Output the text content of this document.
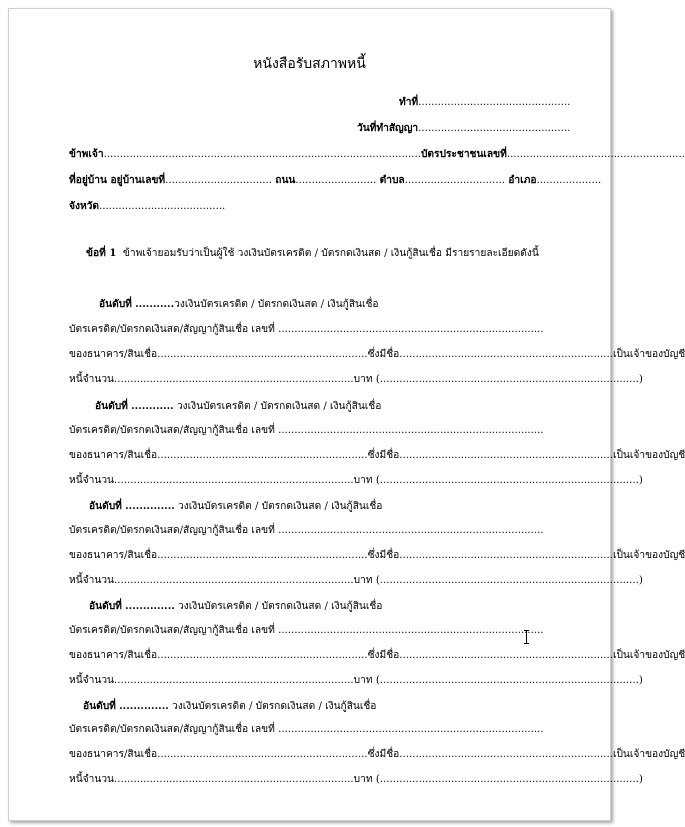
หนังสือรับสภาพหนี้
ทำที่...............................................
วันที่ทำสัญญา...............................................
ข้าพเจ้า..................................................................................................บัตรประชาชนเลขที่.......................................................
ที่อยู่บ้าน อยู่บ้านเลขที่................................. ถนน......................... ตำบล............................... อำเภอ....................
จังหวัด.......................................
ข้อที่ 1 ข้าพเจ้ายอมรับว่าเป็นผู้ใช้ วงเงินบัตรเครดิต / บัตรกดเงินสด / เงินกู้สินเชื่อ มีรายรายละเอียดดังนี้
อันดับที่ ...........วงเงินบัตรเครดิต / บัตรกดเงินสด / เงินกู้สินเชื่อ
บัตรเครดิต/บัตรกดเงินสด/สัญญากู้สินเชื่อ เลขที่ ..................................................................................
ของธนาคาร/สินเชื่อ.................................................................ซึ่งมีชื่อ..................................................................เป็นเจ้าของบัญชี
หนี้จำนวน..........................................................................บาท (................................................................................)
อันดับที่ ............ วงเงินบัตรเครดิต / บัตรกดเงินสด / เงินกู้สินเชื่อ
บัตรเครดิต/บัตรกดเงินสด/สัญญากู้สินเชื่อ เลขที่ ..................................................................................
ของธนาคาร/สินเชื่อ.................................................................ซึ่งมีชื่อ..................................................................เป็นเจ้าของบัญชี
หนี้จำนวน..........................................................................บาท (................................................................................)
อันดับที่ .............. วงเงินบัตรเครดิต / บัตรกดเงินสด / เงินกู้สินเชื่อ
บัตรเครดิต/บัตรกดเงินสด/สัญญากู้สินเชื่อ เลขที่ ..................................................................................
ของธนาคาร/สินเชื่อ.................................................................ซึ่งมีชื่อ..................................................................เป็นเจ้าของบัญชี
หนี้จำนวน..........................................................................บาท (................................................................................)
อันดับที่ .............. วงเงินบัตรเครดิต / บัตรกดเงินสด / เงินกู้สินเชื่อ
บัตรเครดิต/บัตรกดเงินสด/สัญญากู้สินเชื่อ เลขที่ ..................................................................................
ของธนาคาร/สินเชื่อ.................................................................ซึ่งมีชื่อ..................................................................เป็นเจ้าของบัญชี
หนี้จำนวน..........................................................................บาท (................................................................................)
อันดับที่ .............. วงเงินบัตรเครดิต / บัตรกดเงินสด / เงินกู้สินเชื่อ
บัตรเครดิต/บัตรกดเงินสด/สัญญากู้สินเชื่อ เลขที่ ..................................................................................
ของธนาคาร/สินเชื่อ.................................................................ซึ่งมีชื่อ..................................................................เป็นเจ้าของบัญชี
หนี้จำนวน..........................................................................บาท (................................................................................)
